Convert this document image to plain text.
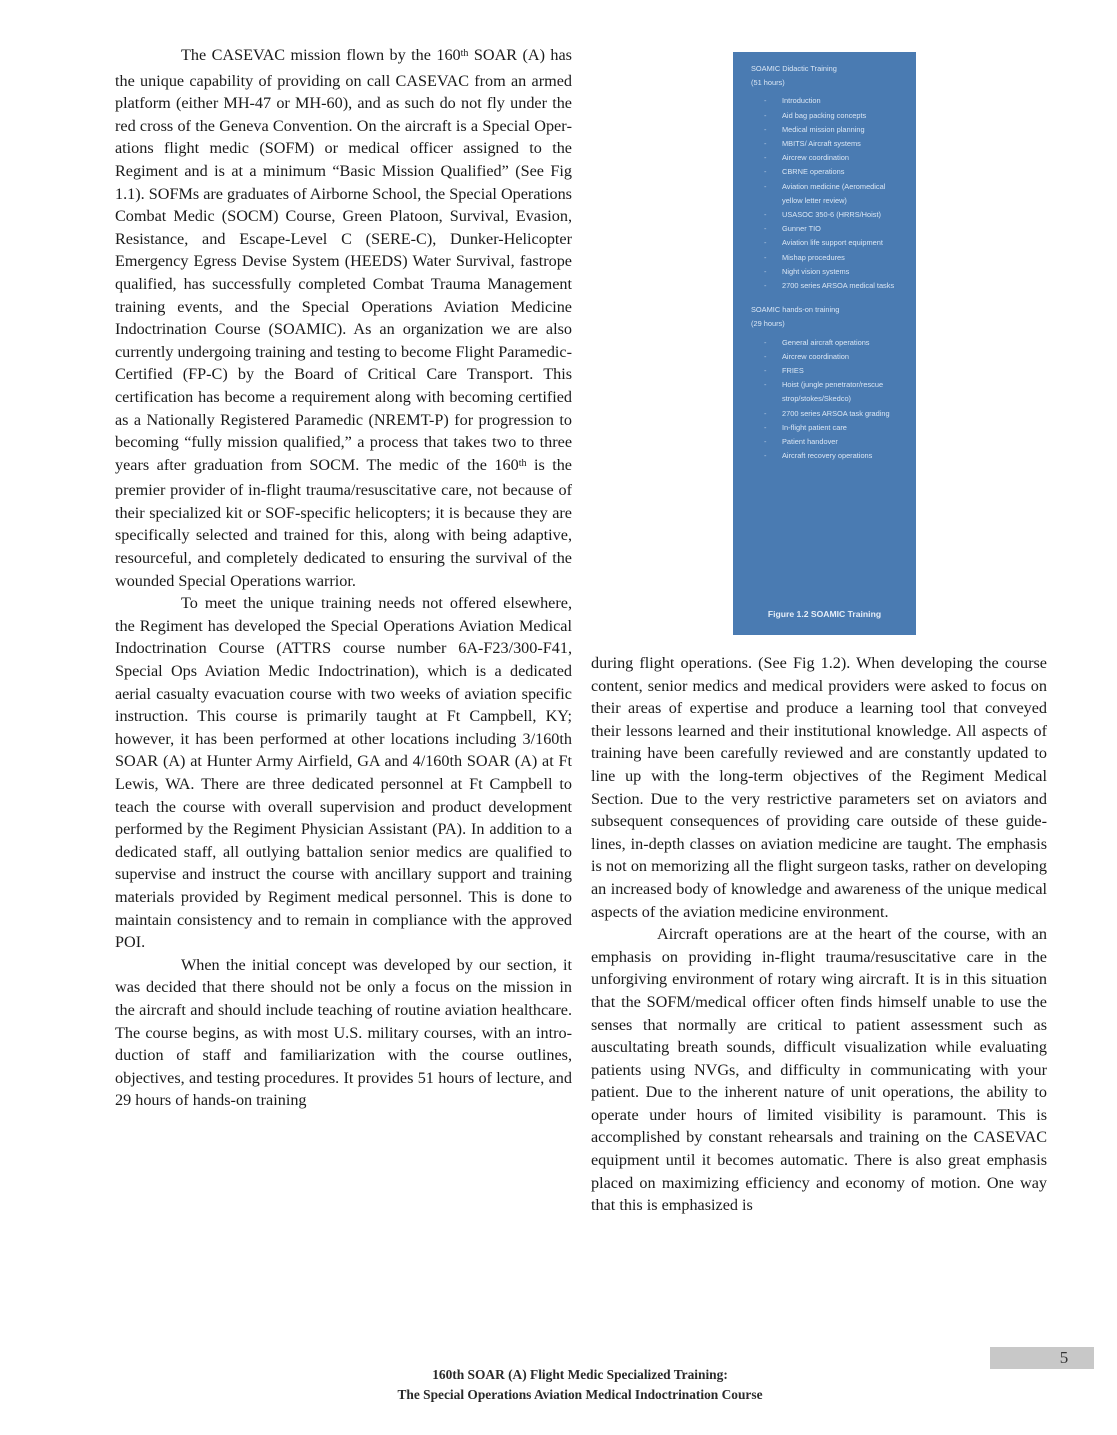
The CASEVAC mission flown by the 160th SOAR (A) has the unique capability of providing on call CASEVAC from an armed platform (either MH-47 or MH-60), and as such do not fly under the red cross of the Geneva Convention. On the aircraft is a Special Operations flight medic (SOFM) or medical officer assigned to the Regiment and is at a minimum “Basic Mission Qualified” (See Fig 1.1). SOFMs are graduates of Airborne School, the Special Operations Combat Medic (SOCM) Course, Green Platoon, Survival, Evasion, Resistance, and Escape-Level C (SERE-C), Dunker-Helicopter Emergency Egress Devise System (HEEDS) Water Survival, fastrope qualified, has successfully completed Combat Trauma Management training events, and the Special Operations Aviation Medicine Indoctrination Course (SOAMIC). As an organization we are also currently undergoing training and testing to become Flight Paramedic-Certified (FP-C) by the Board of Critical Care Transport. This certification has become a requirement along with becoming certified as a Nationally Registered Paramedic (NREMT-P) for progression to becoming “fully mission qualified,” a process that takes two to three years after graduation from SOCM. The medic of the 160th is the premier provider of in-flight trauma/resuscitative care, not because of their specialized kit or SOF-specific helicopters; it is because they are specifically selected and trained for this, along with being adaptive, resourceful, and completely dedicated to ensuring the survival of the wounded Special Operations warrior.

To meet the unique training needs not offered elsewhere, the Regiment has developed the Special Operations Aviation Medical Indoctrination Course (ATTRS course number 6A-F23/300-F41, Special Ops Aviation Medic Indoctrination), which is a dedicated aerial casualty evacuation course with two weeks of aviation specific instruction. This course is primarily taught at Ft Campbell, KY; however, it has been performed at other locations including 3/160th SOAR (A) at Hunter Army Airfield, GA and 4/160th SOAR (A) at Ft Lewis, WA. There are three dedicated personnel at Ft Campbell to teach the course with overall supervision and product development performed by the Regiment Physician Assistant (PA). In addition to a dedicated staff, all outlying battalion senior medics are qualified to supervise and instruct the course with ancillary support and training materials provided by Regiment medical personnel. This is done to maintain consistency and to remain in compliance with the approved POI.

When the initial concept was developed by our section, it was decided that there should not be only a focus on the mission in the aircraft and should include teaching of routine aviation healthcare. The course begins, as with most U.S. military courses, with an introduction of staff and familiarization with the course outlines, objectives, and testing procedures. It provides 51 hours of lecture, and 29 hours of hands-on training

SOAMIC Didactic Training
(51 hours)
- Introduction
- Aid bag packing concepts
- Medical mission planning
- MBITS/ Aircraft systems
- Aircrew coordination
- CBRNE operations
- Aviation medicine (Aeromedical yellow letter review)
- USASOC 350-6 (HRRS/Hoist)
- Gunner TIO
- Aviation life support equipment
- Mishap procedures
- Night vision systems
- 2700 series ARSOA medical tasks
SOAMIC hands-on training
(29 hours)
- General aircraft operations
- Aircrew coordination
- FRIES
- Hoist (jungle penetrator/rescue strop/stokes/Skedco)
- 2700 series ARSOA task grading
- In-flight patient care
- Patient handover
- Aircraft recovery operations
Figure 1.2 SOAMIC Training

during flight operations. (See Fig 1.2). When developing the course content, senior medics and medical providers were asked to focus on their areas of expertise and produce a learning tool that conveyed their lessons learned and their institutional knowledge. All aspects of training have been carefully reviewed and are constantly updated to line up with the long-term objectives of the Regiment Medical Section. Due to the very restrictive parameters set on aviators and subsequent consequences of providing care outside of these guidelines, in-depth classes on aviation medicine are taught. The emphasis is not on memorizing all the flight surgeon tasks, rather on developing an increased body of knowledge and awareness of the unique medical aspects of the aviation medicine environment.

Aircraft operations are at the heart of the course, with an emphasis on providing in-flight trauma/resuscitative care in the unforgiving environment of rotary wing aircraft. It is in this situation that the SOFM/medical officer often finds himself unable to use the senses that normally are critical to patient assessment such as auscultating breath sounds, difficult visualization while evaluating patients using NVGs, and difficulty in communicating with your patient. Due to the inherent nature of unit operations, the ability to operate under hours of limited visibility is paramount. This is accomplished by constant rehearsals and training on the CASEVAC equipment until it becomes automatic. There is also great emphasis placed on maximizing efficiency and economy of motion. One way that this is emphasized is

160th SOAR (A) Flight Medic Specialized Training:
The Special Operations Aviation Medical Indoctrination Course
5
